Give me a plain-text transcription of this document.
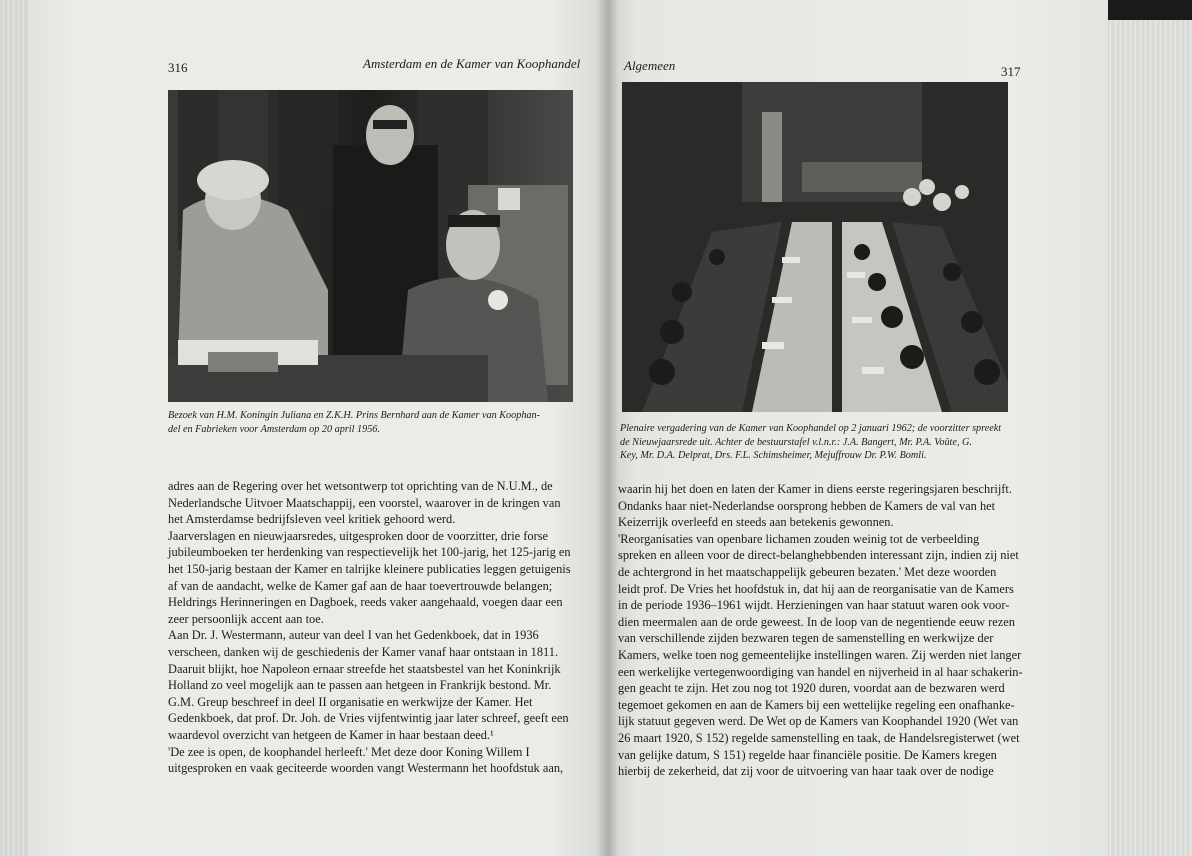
316	Amsterdam en de Kamer van Koophandel

Bezoek van H.M. Koningin Juliana en Z.K.H. Prins Bernhard aan de Kamer van Koophan-

del en Fabrieken voor Amsterdam op 20 april 1956.

adres aan de Regering over het wetsontwerp tot oprichting van de N.U.M., de
Nederlandsche Uitvoer Maatschappij, een voorstel, waarover in de kringen van
het Amsterdamse bedrijfsleven veel kritiek gehoord werd.
Jaarverslagen en nieuwjaarsredes, uitgesproken door de voorzitter, drie forse
jubileumboeken ter herdenking van respectievelijk het 100-jarig, het 125-jarig en
het 150-jarig bestaan der Kamer en talrijke kleinere publicaties leggen getuigenis
af van de aandacht, welke de Kamer gaf aan de haar toevertrouwde belangen;
Heldrings Herinneringen en Dagboek, reeds vaker aangehaald, voegen daar een
zeer persoonlijk accent aan toe.
Aan Dr. J. Westermann, auteur van deel I van het Gedenkboek, dat in 1936
verscheen, danken wij de geschiedenis der Kamer vanaf haar ontstaan in 1811.
Daaruit blijkt, hoe Napoleon ernaar streefde het staatsbestel van het Koninkrijk
Holland zo veel mogelijk aan te passen aan hetgeen in Frankrijk bestond. Mr.
G.M. Greup beschreef in deel II organisatie en werkwijze der Kamer. Het
Gedenkboek, dat prof. Dr. Joh. de Vries vijfentwintig jaar later schreef, geeft een
waardevol overzicht van hetgeen de Kamer in haar bestaan deed.¹
'De zee is open, de koophandel herleeft.' Met deze door Koning Willem I
uitgesproken en vaak geciteerde woorden vangt Westermann het hoofdstuk aan,
Algemeen	317

Plenaire vergadering van de Kamer van Koophandel op 2 januari 1962; de voorzitter spreekt

de Nieuwjaarsrede uit. Achter de bestuurstafel v.l.n.r.: J.A. Bangert, Mr. P.A. Voûte, G.

Key, Mr. D.A. Delprat, Drs. F.L. Schimsheimer, Mejuffrouw Dr. P.W. Bomli.

waarin hij het doen en laten der Kamer in diens eerste regeringsjaren beschrijft.
Ondanks haar niet-Nederlandse oorsprong hebben de Kamers de val van het
Keizerrijk overleefd en steeds aan betekenis gewonnen.
'Reorganisaties van openbare lichamen zouden weinig tot de verbeelding
spreken en alleen voor de direct-belanghebbenden interessant zijn, indien zij niet
de achtergrond in het maatschappelijk gebeuren bezaten.' Met deze woorden
leidt prof. De Vries het hoofdstuk in, dat hij aan de reorganisatie van de Kamers
in de periode 1936–1961 wijdt. Herzieningen van haar statuut waren ook voor-
dien meermalen aan de orde geweest. In de loop van de negentiende eeuw rezen
van verschillende zijden bezwaren tegen de samenstelling en werkwijze der
Kamers, welke toen nog gemeentelijke instellingen waren. Zij werden niet langer
een werkelijke vertegenwoordiging van handel en nijverheid in al haar schakerin-
gen geacht te zijn. Het zou nog tot 1920 duren, voordat aan de bezwaren werd
tegemoet gekomen en aan de Kamers bij een wettelijke regeling een onafhanke-
lijk statuut gegeven werd. De Wet op de Kamers van Koophandel 1920 (Wet van
26 maart 1920, S 152) regelde samenstelling en taak, de Handelsregisterwet (wet
van gelijke datum, S 151) regelde haar financiële positie. De Kamers kregen
hierbij de zekerheid, dat zij voor de uitvoering van haar taak over de nodige
